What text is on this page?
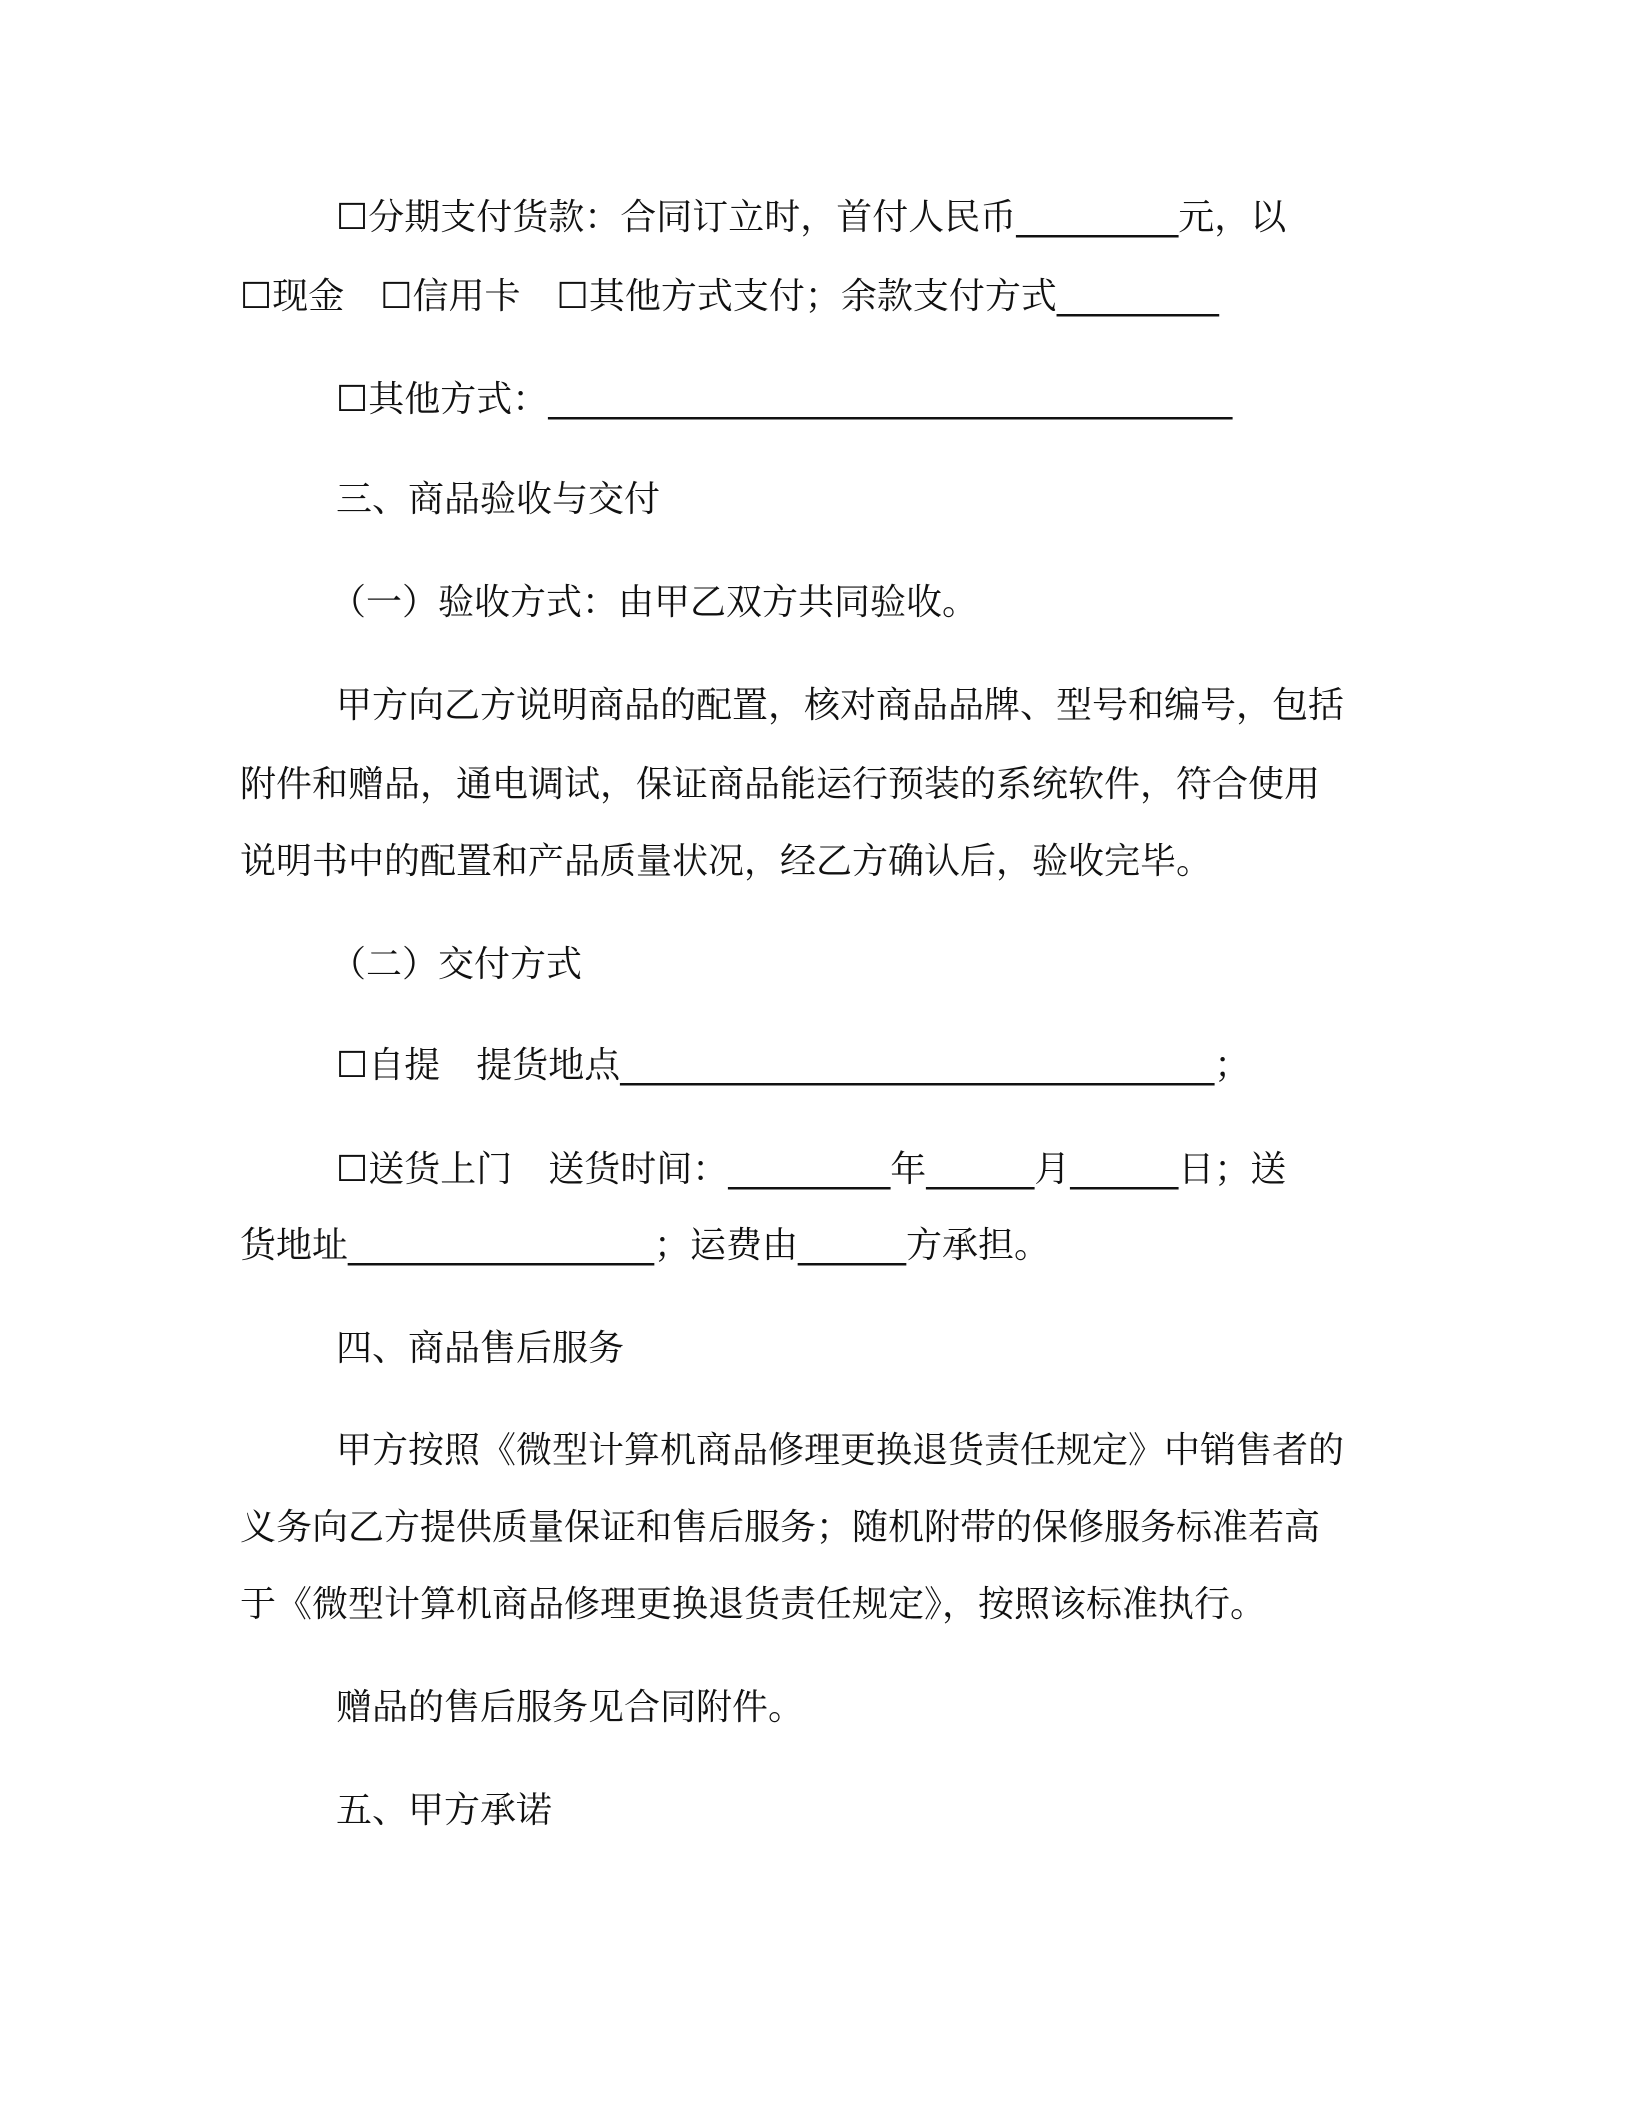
☐分期支付货款：合同订立时，首付人民币_________元，以
☐现金　☐信用卡　☐其他方式支付；余款支付方式_________
☐其他方式：______________________________________
三、商品验收与交付
（一）验收方式：由甲乙双方共同验收。
甲方向乙方说明商品的配置，核对商品品牌、型号和编号，包括
附件和赠品，通电调试，保证商品能运行预装的系统软件，符合使用
说明书中的配置和产品质量状况，经乙方确认后，验收完毕。
（二）交付方式
☐自提　提货地点_________________________________；
☐送货上门　送货时间：_________年______月______日；送
货地址_________________；运费由______方承担。
四、商品售后服务
甲方按照《微型计算机商品修理更换退货责任规定》中销售者的
义务向乙方提供质量保证和售后服务；随机附带的保修服务标准若高
于《微型计算机商品修理更换退货责任规定》，按照该标准执行。
赠品的售后服务见合同附件。
五、甲方承诺
